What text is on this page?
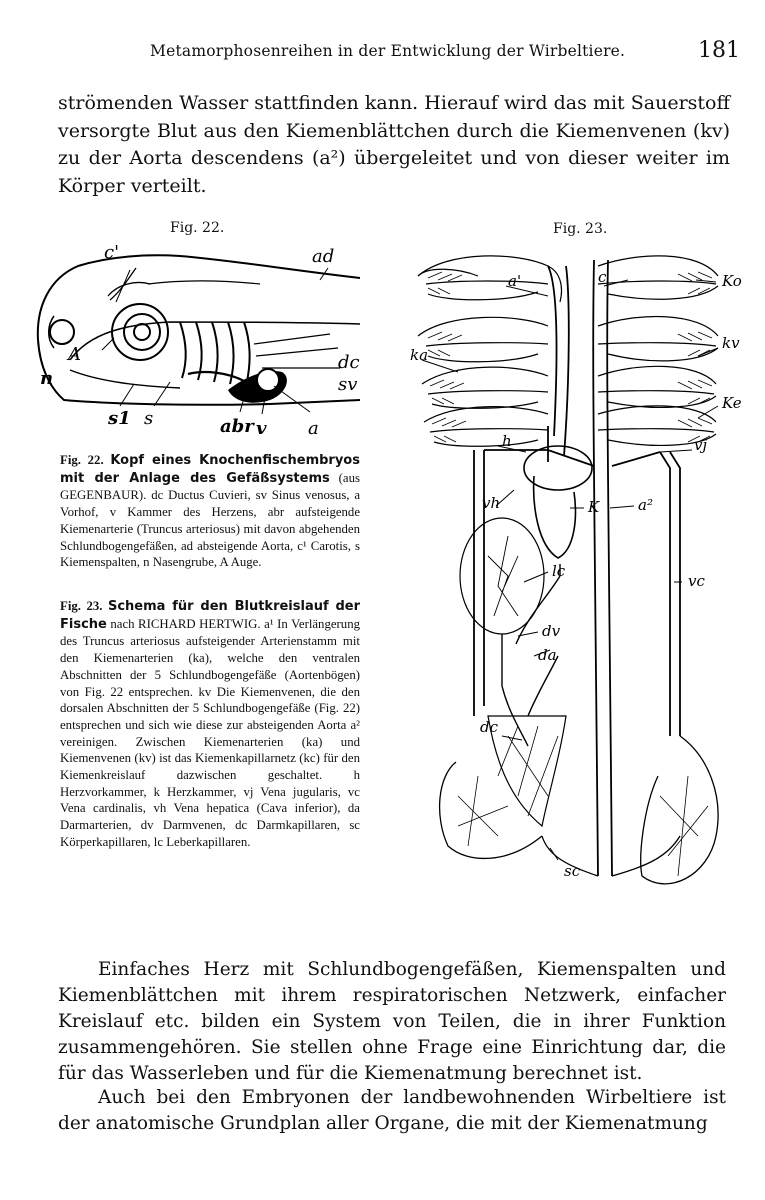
Metamorphosenreihen in der Entwicklung der Wirbeltiere.	181

strömenden Wasser stattfinden kann. Hierauf wird das mit Sauerstoff versorgte Blut aus den Kiemenblättchen durch die Kiemenvenen (kv) zu der Aorta descendens (a²) übergeleitet und von dieser weiter im Körper verteilt.

Fig. 22.
c'	ad
A
n
dc
sv
s1 s	abr v a
Fig. 23.
a'	c	Ko
ka
kv
Ke
vj
h
vh	K	a²
lc
vc
dv
da
dc
sc

Fig. 22. Kopf eines Knochenfischembryos mit der Anlage des Gefäßsystems (aus GEGENBAUR). dc Ductus Cuvieri, sv Sinus venosus, a Vorhof, v Kammer des Herzens, abr aufsteigende Kiemenarterie (Truncus arteriosus) mit davon abgehenden Schlundbogengefäßen, ad absteigende Aorta, c¹ Carotis, s Kiemenspalten, n Nasengrube, A Auge.

Fig. 23. Schema für den Blutkreislauf der Fische nach RICHARD HERTWIG. a¹ In Verlängerung des Truncus arteriosus aufsteigender Arterienstamm mit den Kiemenarterien (ka), welche den ventralen Abschnitten der 5 Schlundbogengefäße (Aortenbögen) von Fig. 22 entsprechen. kv Die Kiemenvenen, die den dorsalen Abschnitten der 5 Schlundbogengefäße (Fig. 22) entsprechen und sich wie diese zur absteigenden Aorta a² vereinigen. Zwischen Kiemenarterien (ka) und Kiemenvenen (kv) ist das Kiemenkapillarnetz (kc) für den Kiemenkreislauf dazwischen geschaltet. h Herzvorkammer, k Herzkammer, vj Vena jugularis, vc Vena cardinalis, vh Vena hepatica (Cava inferior), da Darmarterien, dv Darmvenen, dc Darmkapillaren, sc Körperkapillaren, lc Leberkapillaren.

Einfaches Herz mit Schlundbogengefäßen, Kiemenspalten und Kiemenblättchen mit ihrem respiratorischen Netzwerk, einfacher Kreislauf etc. bilden ein System von Teilen, die in ihrer Funktion zusammengehören. Sie stellen ohne Frage eine Einrichtung dar, die für das Wasserleben und für die Kiemenatmung berechnet ist.

Auch bei den Embryonen der landbewohnenden Wirbeltiere ist der anatomische Grundplan aller Organe, die mit der Kiemenatmung
